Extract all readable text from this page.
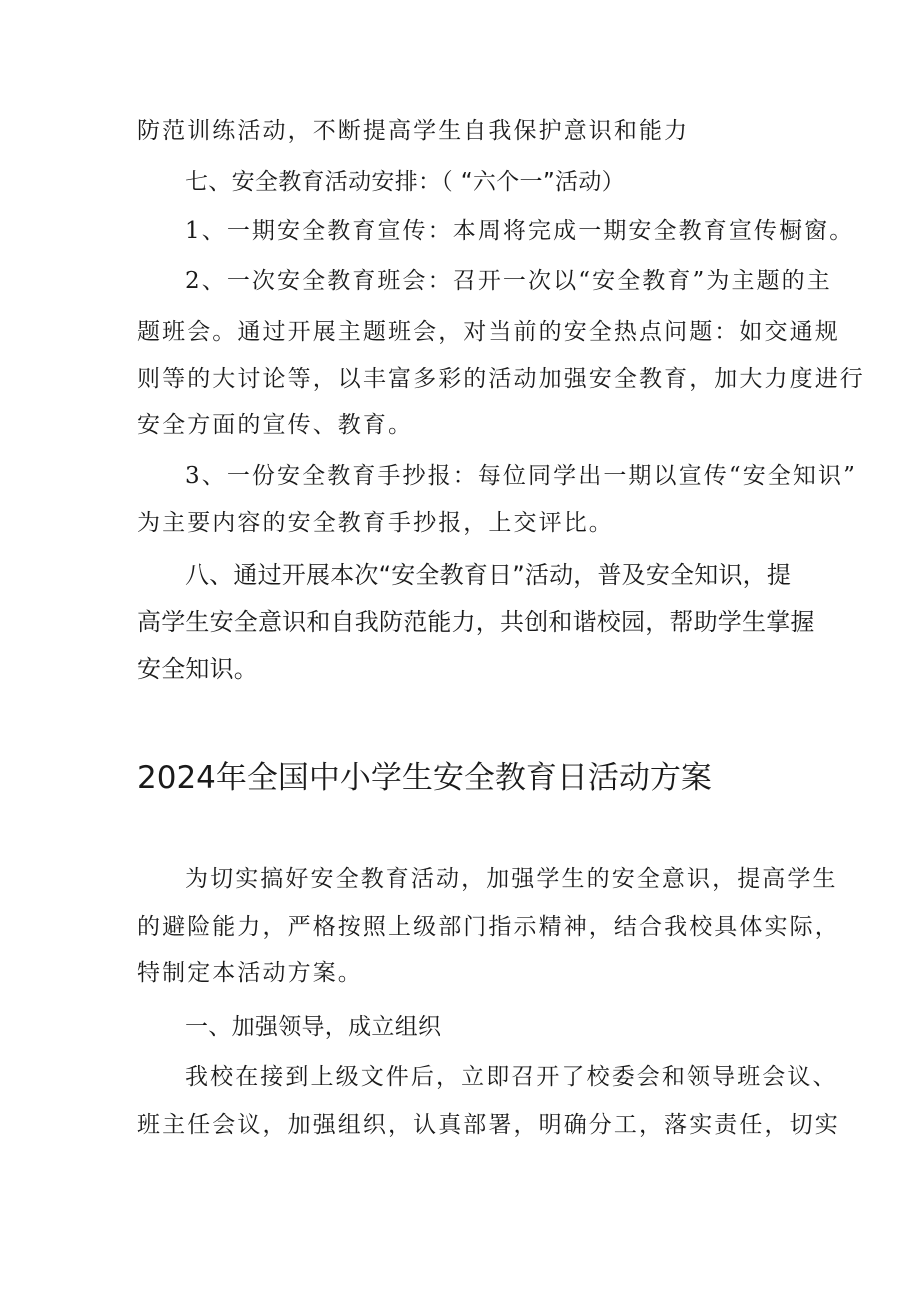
防范训练活动，不断提高学生自我保护意识和能力

七、安全教育活动安排：（ “六个一”活动）

1、一期安全教育宣传：本周将完成一期安全教育宣传橱窗。

2、一次安全教育班会：召开一次以“安全教育”为主题的主

题班会。通过开展主题班会，对当前的安全热点问题：如交通规

则等的大讨论等，以丰富多彩的活动加强安全教育，加大力度进行

安全方面的宣传、教育。

3、一份安全教育手抄报：每位同学出一期以宣传“安全知识”

为主要内容的安全教育手抄报，上交评比。

八、通过开展本次“安全教育日”活动，普及安全知识，提

高学生安全意识和自我防范能力，共创和谐校园，帮助学生掌握

安全知识。

2024年全国中小学生安全教育日活动方案

为切实搞好安全教育活动，加强学生的安全意识，提高学生

的避险能力，严格按照上级部门指示精神，结合我校具体实际，

特制定本活动方案。

一、加强领导，成立组织

我校在接到上级文件后，立即召开了校委会和领导班会议、

班主任会议，加强组织，认真部署，明确分工，落实责任，切实
